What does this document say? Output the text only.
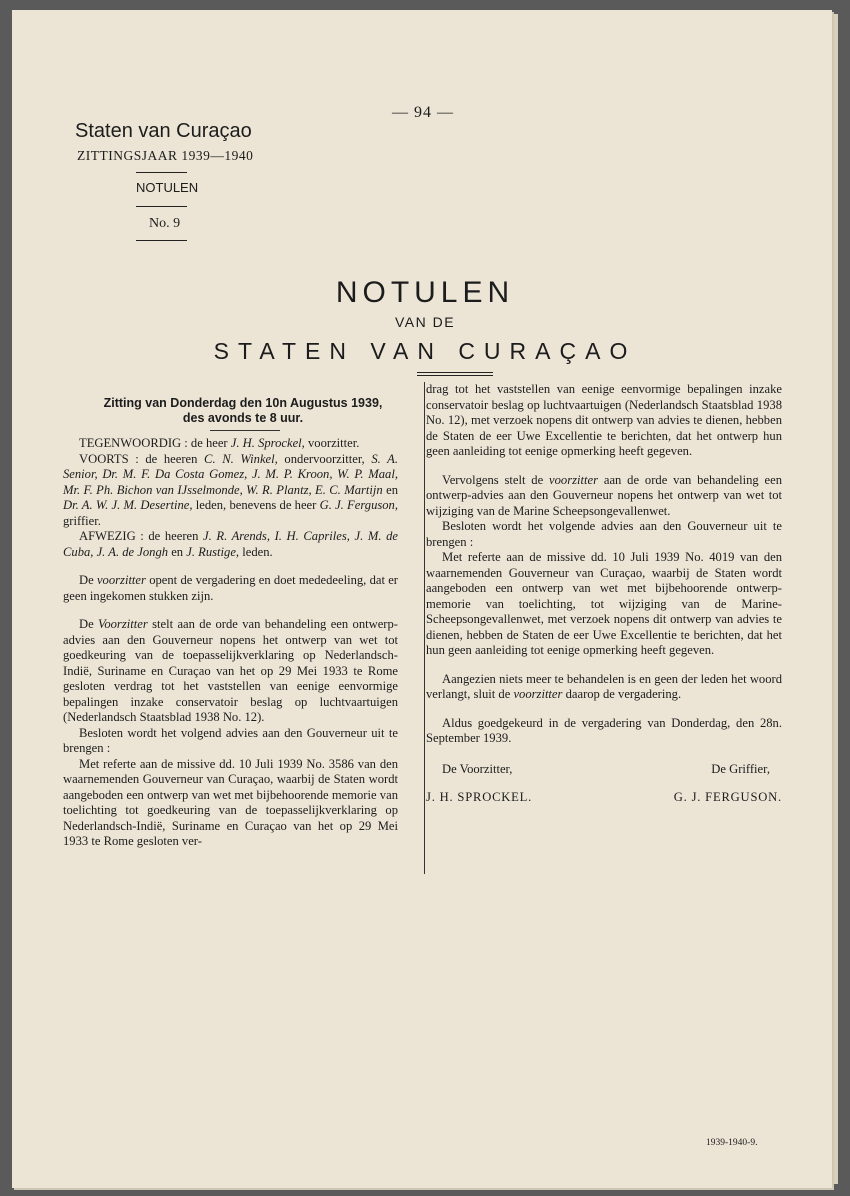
— 94 —
Staten van Curaçao
ZITTINGSJAAR 1939—1940
NOTULEN
No. 9
NOTULEN
VAN DE
STATEN VAN CURAÇAO
Zitting van Donderdag den 10n Augustus 1939,
des avonds te 8 uur.

TEGENWOORDIG : de heer J. H. Sprockel, voorzitter.

VOORTS : de heeren C. N. Winkel, ondervoorzitter, S. A. Senior, Dr. M. F. Da Costa Gomez, J. M. P. Kroon, W. P. Maal, Mr. F. Ph. Bichon van IJsselmonde, W. R. Plantz, E. C. Martijn en Dr. A. W. J. M. Desertine, leden, benevens de heer G. J. Ferguson, griffier.

AFWEZIG : de heeren J. R. Arends, I. H. Capriles, J. M. de Cuba, J. A. de Jongh en J. Rustige, leden.

De voorzitter opent de vergadering en doet mededeeling, dat er geen ingekomen stukken zijn.

De Voorzitter stelt aan de orde van behandeling een ontwerp-advies aan den Gouverneur nopens het ontwerp van wet tot goedkeuring van de toepasselijkverklaring op Nederlandsch-Indië, Suriname en Curaçao van het op 29 Mei 1933 te Rome gesloten verdrag tot het vaststellen van eenige eenvormige bepalingen inzake conservatoir beslag op luchtvaartuigen (Nederlandsch Staatsblad 1938 No. 12).

Besloten wordt het volgend advies aan den Gouverneur uit te brengen :

Met referte aan de missive dd. 10 Juli 1939 No. 3586 van den waarnemenden Gouverneur van Curaçao, waarbij de Staten wordt aangeboden een ontwerp van wet met bijbehoorende memorie van toelichting tot goedkeuring van de toepasselijkverklaring op Nederlandsch-Indië, Suriname en Curaçao van het op 29 Mei 1933 te Rome gesloten ver-

drag tot het vaststellen van eenige eenvormige bepalingen inzake conservatoir beslag op luchtvaartuigen (Nederlandsch Staatsblad 1938 No. 12), met verzoek nopens dit ontwerp van advies te dienen, hebben de Staten de eer Uwe Excellentie te berichten, dat het ontwerp hun geen aanleiding tot eenige opmerking heeft gegeven.

Vervolgens stelt de voorzitter aan de orde van behandeling een ontwerp-advies aan den Gouverneur nopens het ontwerp van wet tot wijziging van de Marine Scheepsongevallenwet.

Besloten wordt het volgende advies aan den Gouverneur uit te brengen :

Met referte aan de missive dd. 10 Juli 1939 No. 4019 van den waarnemenden Gouverneur van Curaçao, waarbij de Staten wordt aangeboden een ontwerp van wet met bijbehoorende ontwerp-memorie van toelichting, tot wijziging van de Marine-Scheepsongevallenwet, met verzoek nopens dit ontwerp van advies te dienen, hebben de Staten de eer Uwe Excellentie te berichten, dat het hun geen aanleiding tot eenige opmerking heeft gegeven.

Aangezien niets meer te behandelen is en geen der leden het woord verlangt, sluit de voorzitter daarop de vergadering.

Aldus goedgekeurd in de vergadering van Donderdag, den 28n. September 1939.

De Voorzitter,	De Griffier,
J. H. SPROCKEL.	G. J. FERGUSON.
1939-1940-9.
